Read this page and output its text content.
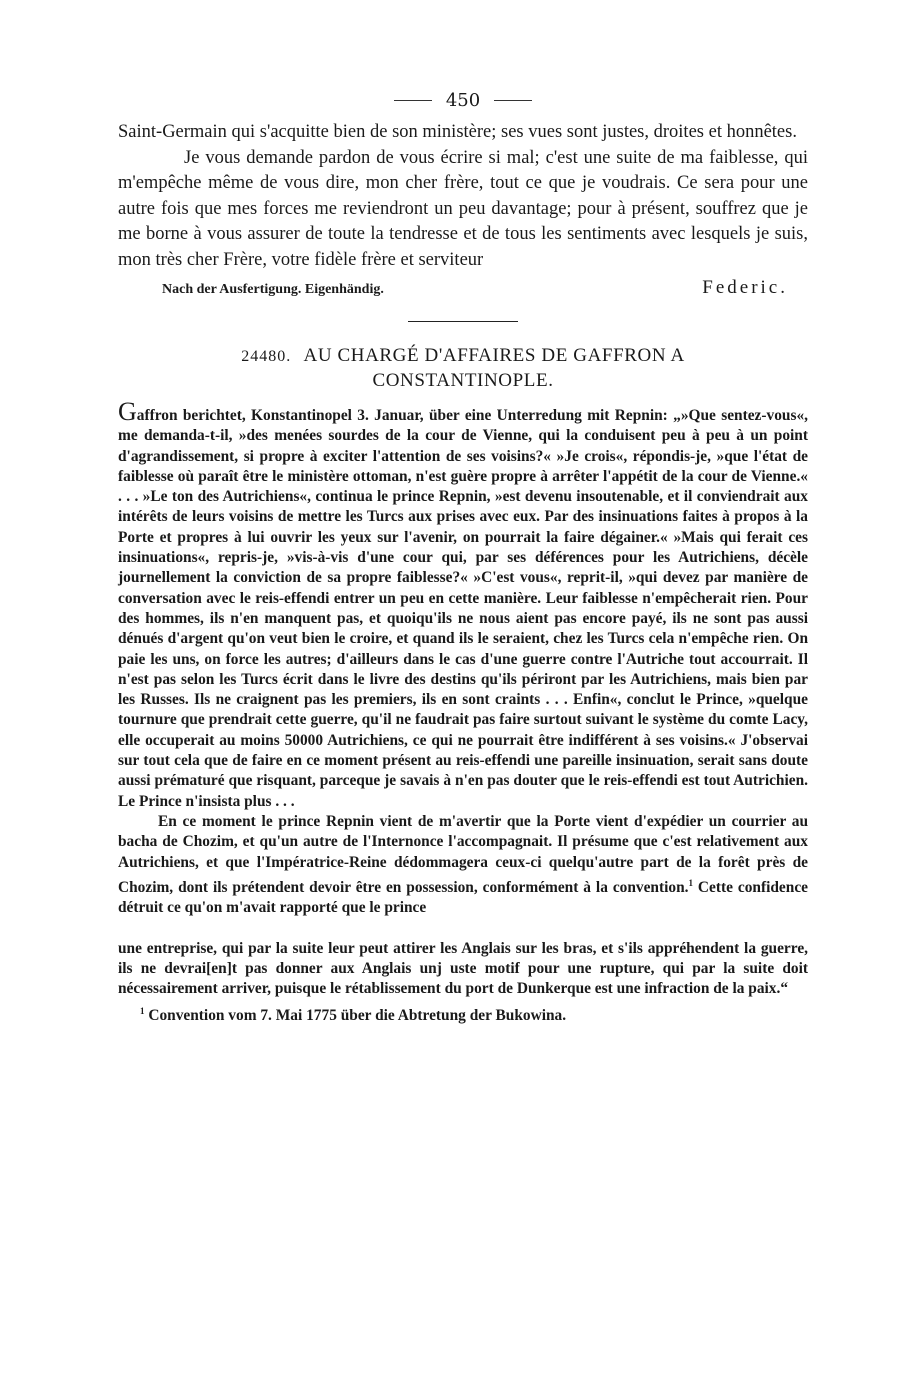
450

Saint-Germain qui s'acquitte bien de son ministère; ses vues sont justes, droites et honnêtes.

Je vous demande pardon de vous écrire si mal; c'est une suite de ma faiblesse, qui m'empêche même de vous dire, mon cher frère, tout ce que je voudrais. Ce sera pour une autre fois que mes forces me reviendront un peu davantage; pour à présent, souffrez que je me borne à vous assurer de toute la tendresse et de tous les sentiments avec lesquels je suis, mon très cher Frère, votre fidèle frère et serviteur

Nach der Ausfertigung. Eigenhändig.	Federic.
24480. AU CHARGÉ D'AFFAIRES DE GAFFRON A
CONSTANTINOPLE.

Gaffron berichtet, Konstantinopel 3. Januar, über eine Unterredung mit Repnin: „»Que sentez-vous«, me demanda-t-il, »des menées sourdes de la cour de Vienne, qui la conduisent peu à peu à un point d'agrandissement, si propre à exciter l'attention de ses voisins?« »Je crois«, répondis-je, »que l'état de faiblesse où paraît être le ministère ottoman, n'est guère propre à arrêter l'appétit de la cour de Vienne.« . . . »Le ton des Autrichiens«, continua le prince Repnin, »est devenu insoutenable, et il conviendrait aux intérêts de leurs voisins de mettre les Turcs aux prises avec eux. Par des insinuations faites à propos à la Porte et propres à lui ouvrir les yeux sur l'avenir, on pourrait la faire dégainer.« »Mais qui ferait ces insinuations«, repris-je, »vis-à-vis d'une cour qui, par ses déférences pour les Autrichiens, décèle journellement la conviction de sa propre faiblesse?« »C'est vous«, reprit-il, »qui devez par manière de conversation avec le reis-effendi entrer un peu en cette manière. Leur faiblesse n'empêcherait rien. Pour des hommes, ils n'en manquent pas, et quoiqu'ils ne nous aient pas encore payé, ils ne sont pas aussi dénués d'argent qu'on veut bien le croire, et quand ils le seraient, chez les Turcs cela n'empêche rien. On paie les uns, on force les autres; d'ailleurs dans le cas d'une guerre contre l'Autriche tout accourrait. Il n'est pas selon les Turcs écrit dans le livre des destins qu'ils périront par les Autrichiens, mais bien par les Russes. Ils ne craignent pas les premiers, ils en sont craints . . . Enfin«, conclut le Prince, »quelque tournure que prendrait cette guerre, qu'il ne faudrait pas faire surtout suivant le système du comte Lacy, elle occuperait au moins 50000 Autrichiens, ce qui ne pourrait être indifférent à ses voisins.« J'observai sur tout cela que de faire en ce moment présent au reis-effendi une pareille insinuation, serait sans doute aussi prématuré que risquant, parceque je savais à n'en pas douter que le reis-effendi est tout Autrichien. Le Prince n'insista plus . . .

En ce moment le prince Repnin vient de m'avertir que la Porte vient d'expédier un courrier au bacha de Chozim, et qu'un autre de l'Internonce l'accompagnait. Il présume que c'est relativement aux Autrichiens, et que l'Impératrice-Reine dédommagera ceux-ci quelqu'autre part de la forêt près de Chozim, dont ils prétendent devoir être en possession, conformément à la convention.$^1$ Cette confidence détruit ce qu'on m'avait rapporté que le prince

une entreprise, qui par la suite leur peut attirer les Anglais sur les bras, et s'ils appréhendent la guerre, ils ne devrai[en]t pas donner aux Anglais unj uste motif pour une rupture, qui par la suite doit nécessairement arriver, puisque le rétablissement du port de Dunkerque est une infraction de la paix.“

$^1$ Convention vom 7. Mai 1775 über die Abtretung der Bukowina.
